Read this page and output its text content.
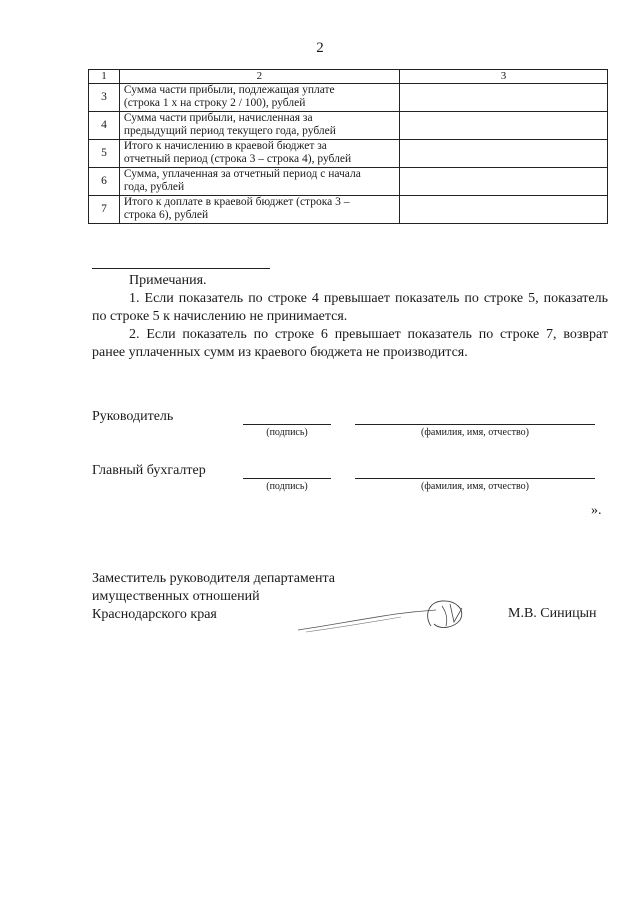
2
1	2	3
3	Сумма части прибыли, подлежащая уплате
(строка 1 х на строку 2 / 100), рублей	

4	Сумма части прибыли, начисленная за
предыдущий период текущего года, рублей	

5	Итого к начислению в краевой бюджет за
отчетный период (строка 3 – строка 4), рублей	

6	Сумма, уплаченная за отчетный период с начала
года, рублей	

7	Итого к доплате в краевой бюджет (строка 3 –
строка 6), рублей	

Примечания.

1. Если показатель по строке 4 превышает показатель по строке 5, показатель по строке 5 к начислению не принимается.

2. Если показатель по строке 6 превышает показатель по строке 7, возврат ранее уплаченных сумм из краевого бюджета не производится.

Руководитель
(подпись)	(фамилия, имя, отчество)
Главный бухгалтер
(подпись)	(фамилия, имя, отчество)
».
Заместитель руководителя департамента
имущественных отношений
Краснодарского края	М.В. Синицын
